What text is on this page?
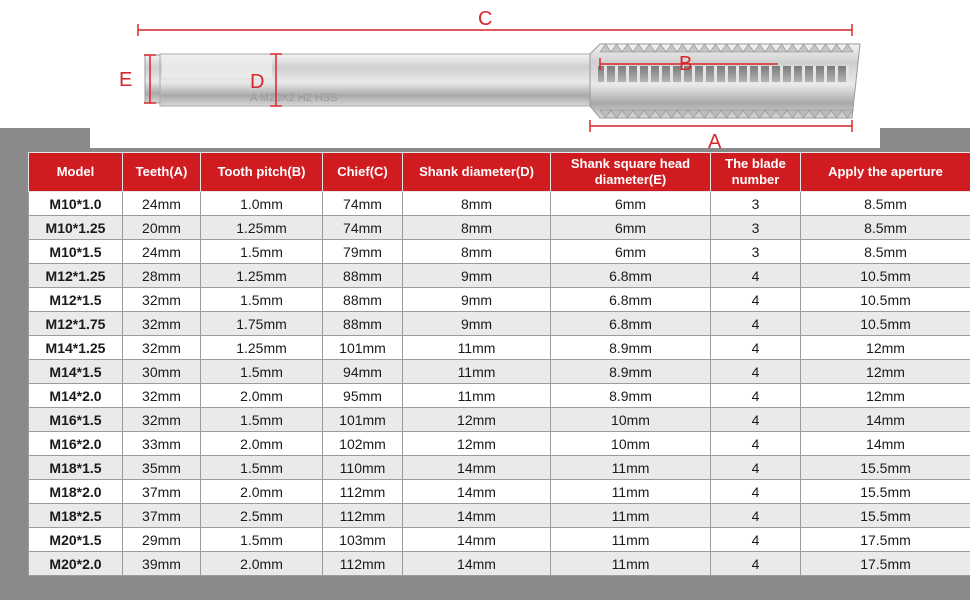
A M20X2 H2 HSS
C
B
A
D
E
Model	Teeth(A)	Tooth pitch(B)	Chief(C)	Shank diameter(D)	Shank square head diameter(E)	The blade number	Apply the aperture
M10*1.0	24mm	1.0mm	74mm	8mm	6mm	3	8.5mm
M10*1.25	20mm	1.25mm	74mm	8mm	6mm	3	8.5mm
M10*1.5	24mm	1.5mm	79mm	8mm	6mm	3	8.5mm
M12*1.25	28mm	1.25mm	88mm	9mm	6.8mm	4	10.5mm
M12*1.5	32mm	1.5mm	88mm	9mm	6.8mm	4	10.5mm
M12*1.75	32mm	1.75mm	88mm	9mm	6.8mm	4	10.5mm
M14*1.25	32mm	1.25mm	101mm	11mm	8.9mm	4	12mm
M14*1.5	30mm	1.5mm	94mm	11mm	8.9mm	4	12mm
M14*2.0	32mm	2.0mm	95mm	11mm	8.9mm	4	12mm
M16*1.5	32mm	1.5mm	101mm	12mm	10mm	4	14mm
M16*2.0	33mm	2.0mm	102mm	12mm	10mm	4	14mm
M18*1.5	35mm	1.5mm	110mm	14mm	11mm	4	15.5mm
M18*2.0	37mm	2.0mm	112mm	14mm	11mm	4	15.5mm
M18*2.5	37mm	2.5mm	112mm	14mm	11mm	4	15.5mm
M20*1.5	29mm	1.5mm	103mm	14mm	11mm	4	17.5mm
M20*2.0	39mm	2.0mm	112mm	14mm	11mm	4	17.5mm
